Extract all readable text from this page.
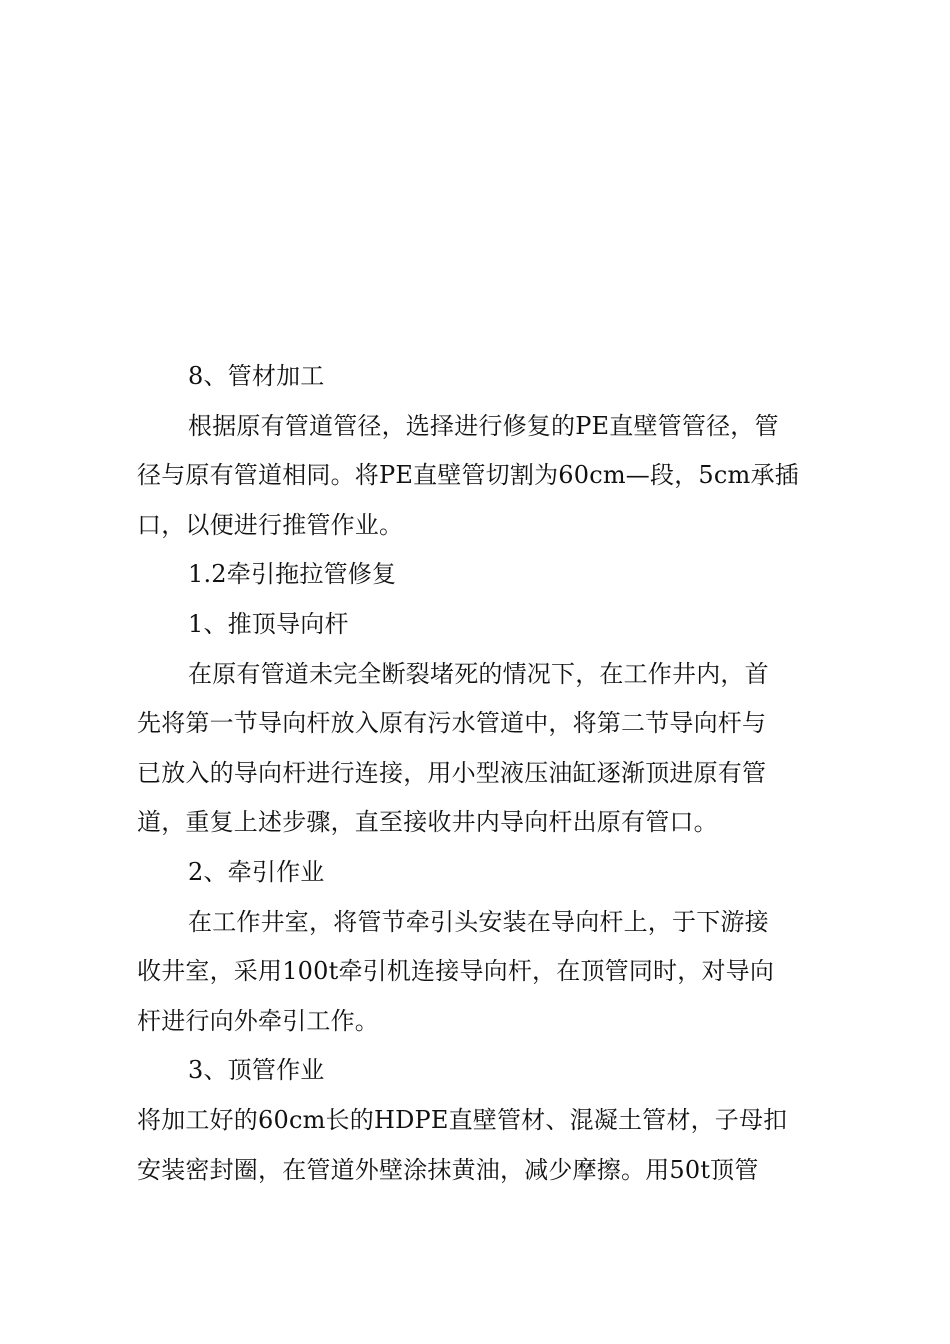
8、管材加工
根据原有管道管径，选择进行修复的PE直壁管管径，管
径与原有管道相同。将PE直壁管切割为60cm—段，5cm承插
口，以便进行推管作业。
1.2牵引拖拉管修复
1、推顶导向杆
在原有管道未完全断裂堵死的情况下，在工作井内，首
先将第一节导向杆放入原有污水管道中，将第二节导向杆与
已放入的导向杆进行连接，用小型液压油缸逐渐顶进原有管
道，重复上述步骤，直至接收井内导向杆出原有管口。
2、牵引作业
在工作井室，将管节牵引头安装在导向杆上，于下游接
收井室，采用100t牵引机连接导向杆，在顶管同时，对导向
杆进行向外牵引工作。
3、顶管作业
将加工好的60cm长的HDPE直壁管材、混凝土管材，子母扣
安装密封圈，在管道外壁涂抹黄油，减少摩擦。用50t顶管
